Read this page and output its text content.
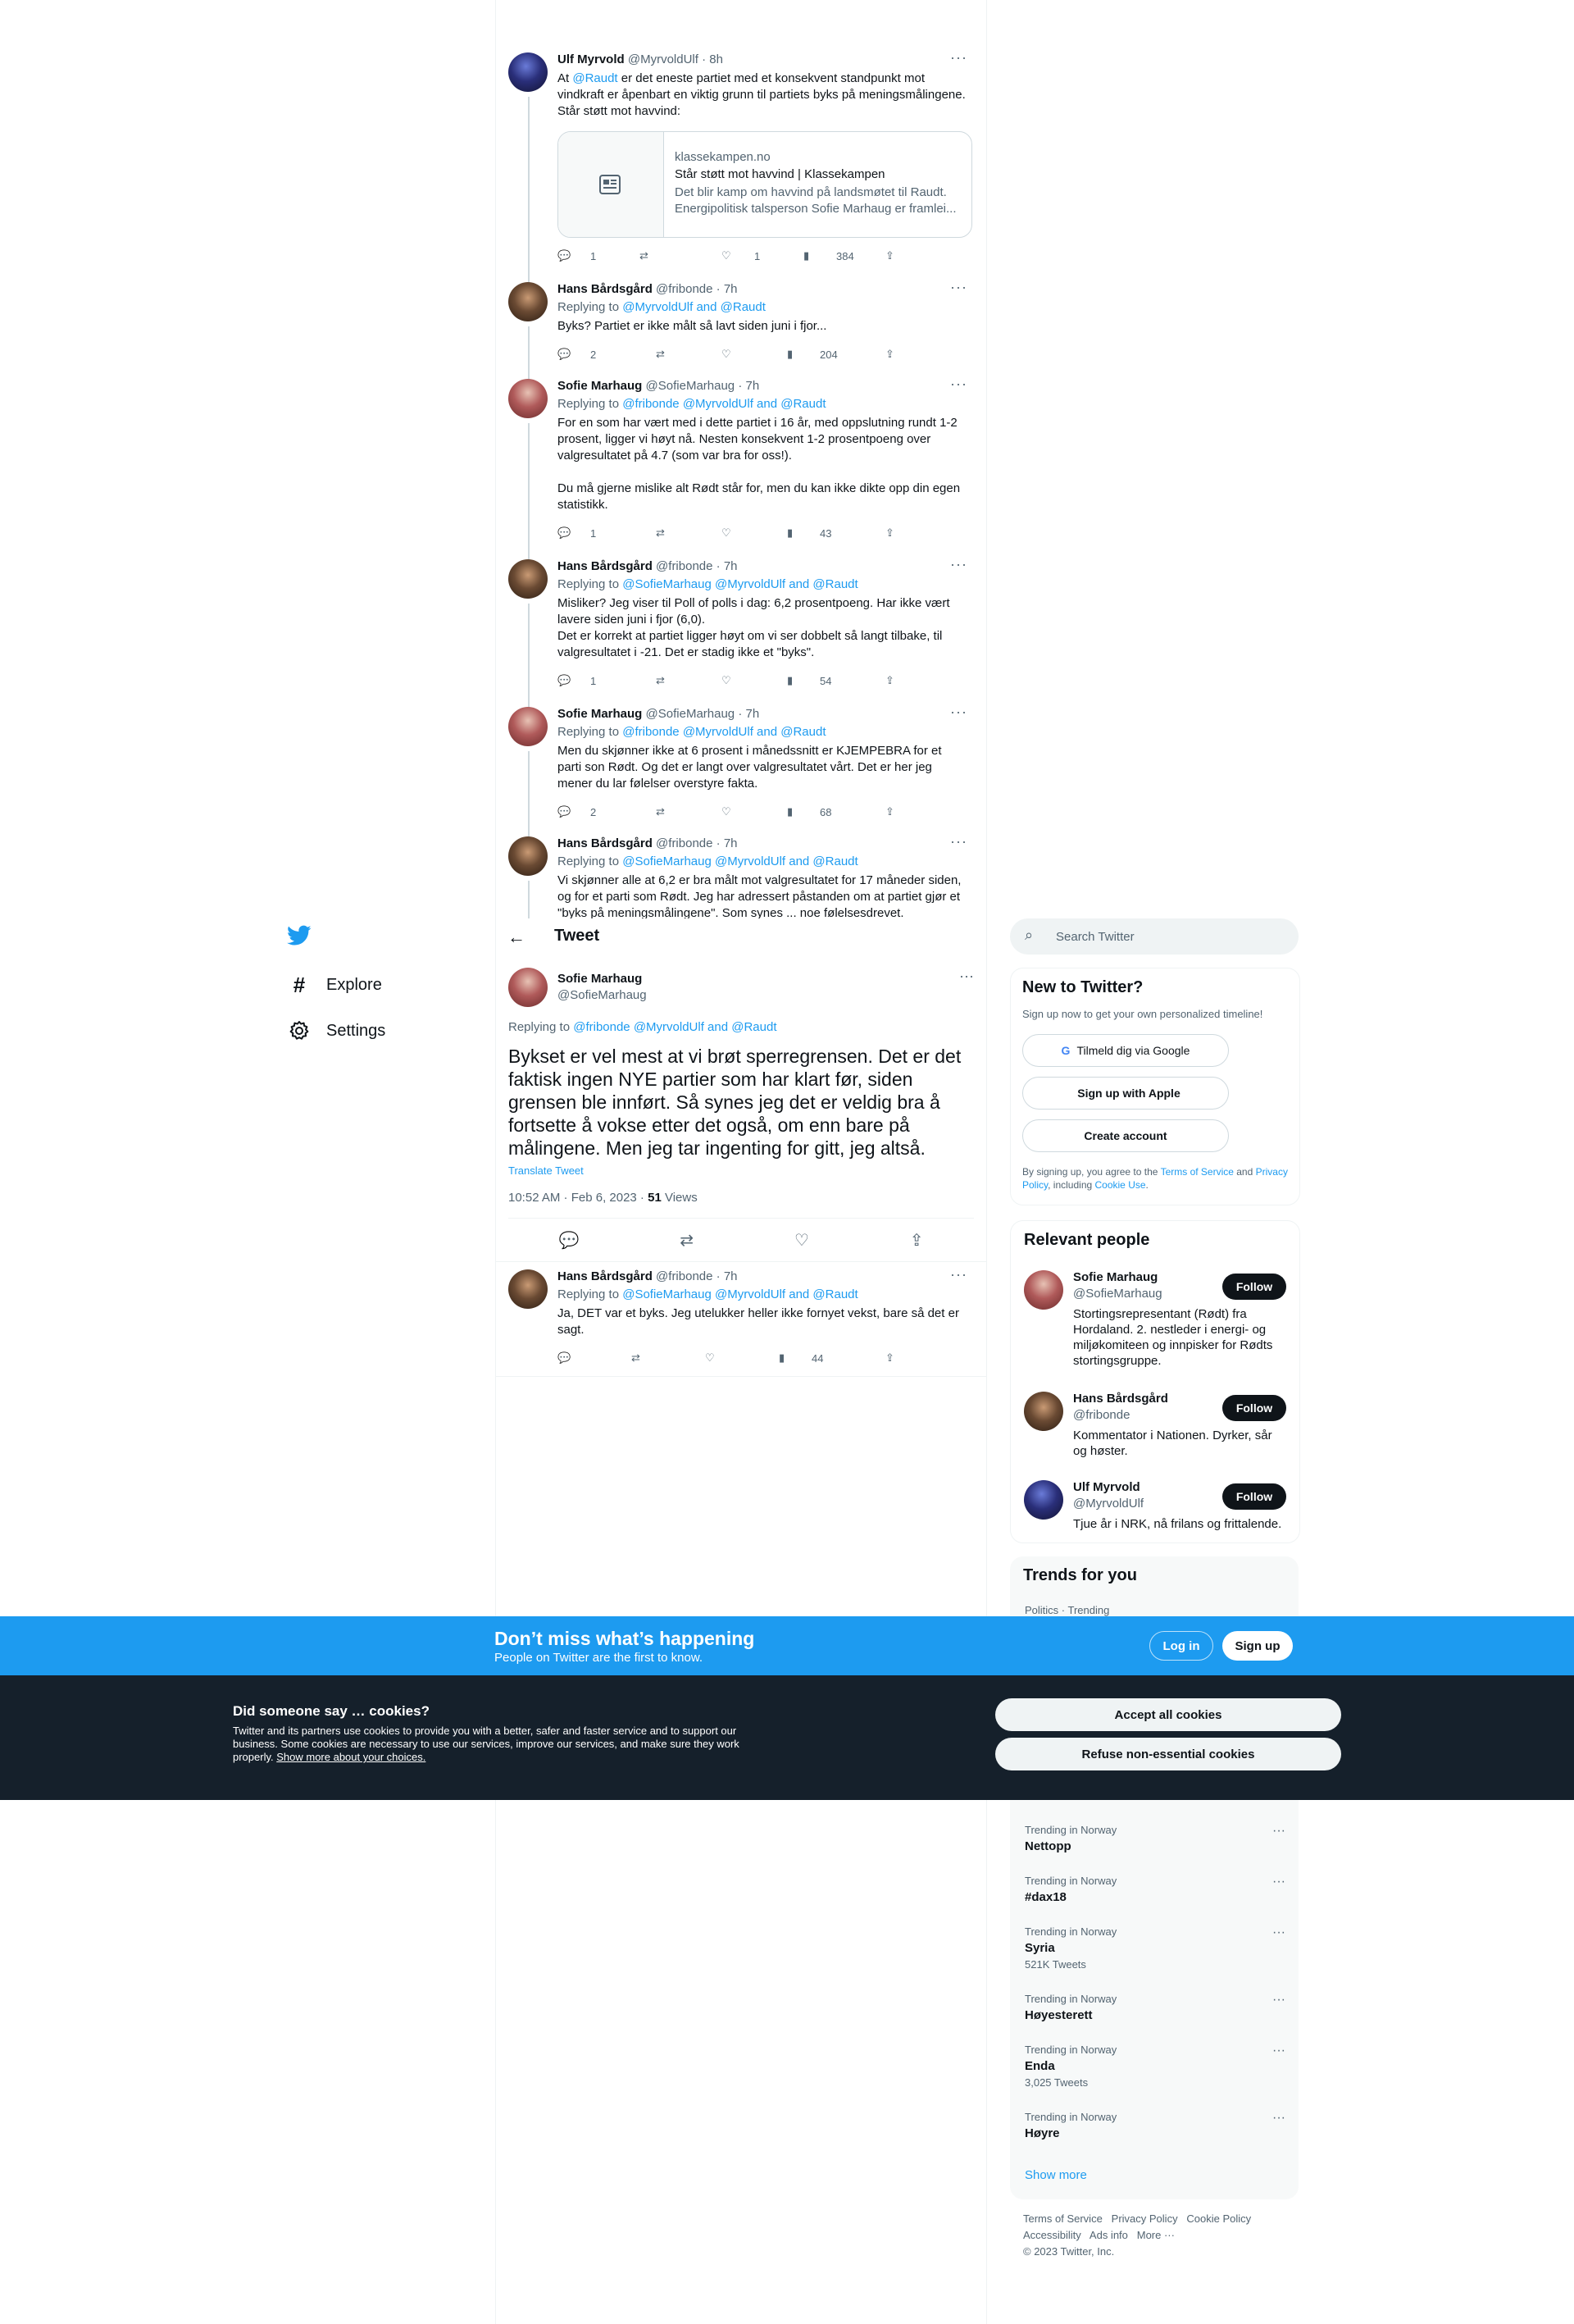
Ulf Myrvold @MyrvoldUlf · 8h	···
At @Raudt er det eneste partiet med et konsekvent standpunkt mot vindkraft er åpenbart en viktig grunn til partiets byks på meningsmålingene. Står støtt mot havvind:
klassekampen.no
Står støtt mot havvind | Klassekampen
Det blir kamp om havvind på landsmøtet til Raudt. Energipolitisk talsperson Sofie Marhaug er framlei...
💬	1	⇄	♡	1	▮	384	⇪
Hans Bårdsgård @fribonde · 7h	···
Replying to @MyrvoldUlf and @Raudt
Byks? Partiet er ikke målt så lavt siden juni i fjor...
💬	2	⇄	♡	▮	204	⇪
Sofie Marhaug @SofieMarhaug · 7h	···
Replying to @fribonde @MyrvoldUlf and @Raudt
For en som har vært med i dette partiet i 16 år, med oppslutning rundt 1-2 prosent, ligger vi høyt nå. Nesten konsekvent 1-2 prosentpoeng over valgresultatet på 4.7 (som var bra for oss!).

Du må gjerne mislike alt Rødt står for, men du kan ikke dikte opp din egen statistikk.
💬	1	⇄	♡	▮	43	⇪
Hans Bårdsgård @fribonde · 7h	···
Replying to @SofieMarhaug @MyrvoldUlf and @Raudt
Misliker? Jeg viser til Poll of polls i dag: 6,2 prosentpoeng. Har ikke vært lavere siden juni i fjor (6,0).
Det er korrekt at partiet ligger høyt om vi ser dobbelt så langt tilbake, til valgresultatet i -21. Det er stadig ikke et "byks".
💬	1	⇄	♡	▮	54	⇪
Sofie Marhaug @SofieMarhaug · 7h	···
Replying to @fribonde @MyrvoldUlf and @Raudt
Men du skjønner ikke at 6 prosent i månedssnitt er KJEMPEBRA for et parti son Rødt. Og det er langt over valgresultatet vårt. Det er her jeg mener du lar følelser overstyre fakta.
💬	2	⇄	♡	▮	68	⇪
Hans Bårdsgård @fribonde · 7h	···
Replying to @SofieMarhaug @MyrvoldUlf and @Raudt
Vi skjønner alle at 6,2 er bra målt mot valgresultatet for 17 måneder siden, og for et parti som Rødt. Jeg har adressert påstanden om at partiet gjør et "byks på meningsmålingene". Som synes ... noe følelsesdrevet.
# Explore
Settings
← Tweet
Sofie Marhaug
@SofieMarhaug
···
Replying to @fribonde @MyrvoldUlf and @Raudt
Bykset er vel mest at vi brøt sperregrensen. Det er det faktisk ingen NYE partier som har klart før, siden grensen ble innført. Så synes jeg det er veldig bra å fortsette å vokse etter det også, om enn bare på målingene. Men jeg tar ingenting for gitt, jeg altså.
Translate Tweet
10:52 AM · Feb 6, 2023 · 51 Views
💬	⇄	♡	⇪
Hans Bårdsgård @fribonde · 7h	···
Replying to @SofieMarhaug @MyrvoldUlf and @Raudt
Ja, DET var et byks. Jeg utelukker heller ikke fornyet vekst, bare så det er sagt.
💬	⇄	♡	▮	44	⇪
⌕ Search Twitter
New to Twitter?
Sign up now to get your own personalized timeline!
G Tilmeld dig via Google
Sign up with Apple
Create account
By signing up, you agree to the Terms of Service and Privacy Policy, including Cookie Use.
Relevant people
Sofie Marhaug
@SofieMarhaug	Follow
Stortingsrepresentant (Rødt) fra Hordaland. 2. nestleder i energi- og miljøkomiteen og innpisker for Rødts stortingsgruppe.
Hans Bårdsgård
@fribonde	Follow
Kommentator i Nationen. Dyrker, sår og høster.
Ulf Myrvold
@MyrvoldUlf	Follow
Tjue år i NRK, nå frilans og frittalende.
Trends for you
Politics · Trending
Trending in Norway
Nettopp
···
Trending in Norway
#dax18
···
Trending in Norway
Syria
521K Tweets
···
Trending in Norway
Høyesterett
···
Trending in Norway
Enda
3,025 Tweets
···
Trending in Norway
Høyre
···
Show more
Terms of Service Privacy Policy Cookie Policy
Accessibility Ads info More ···
© 2023 Twitter, Inc.
Don’t miss what’s happening
People on Twitter are the first to know.
Log in	Sign up
Did someone say … cookies?
Twitter and its partners use cookies to provide you with a better, safer and faster service and to support our business. Some cookies are necessary to use our services, improve our services, and make sure they work properly. Show more about your choices.
Accept all cookies
Refuse non-essential cookies
